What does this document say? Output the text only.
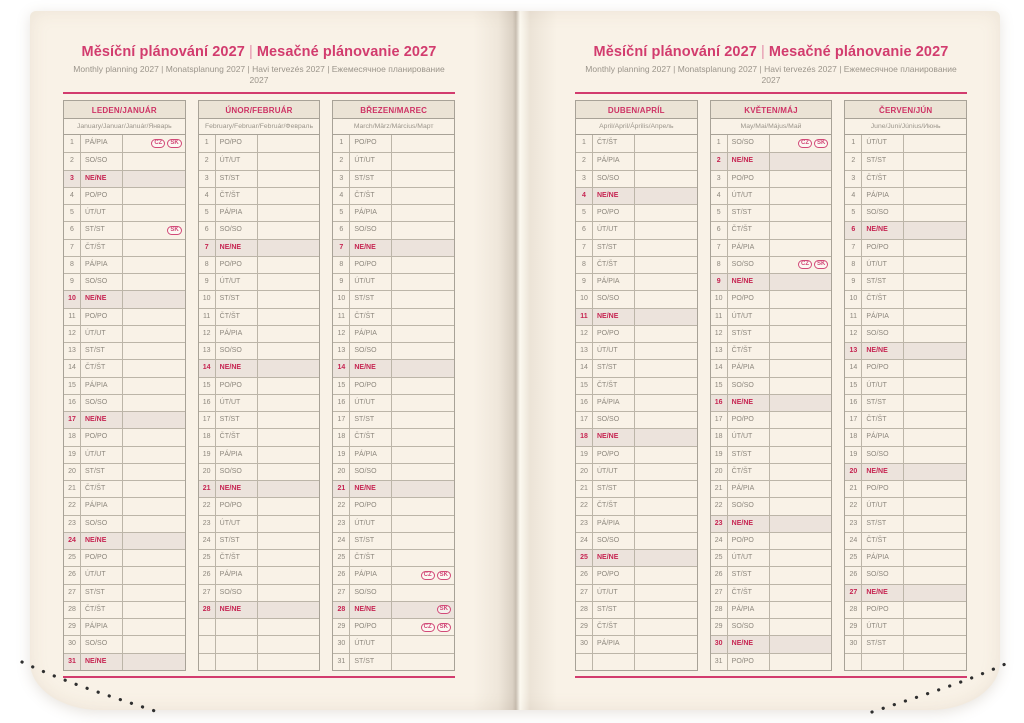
Měsíční plánování 2027 | Mesačné plánovanie 2027
Monthly planning 2027 | Monatsplanung 2027 | Havi tervezés 2027 | Ежемесячное планирование 2027
LEDEN/JANUÁR
January/Januar/Január/Январь
1	PÁ/PIA	CZ	SK
2	SO/SO
3	NE/NE
4	PO/PO
5	ÚT/UT
6	ST/ST	SK
7	ČT/ŠT
8	PÁ/PIA
9	SO/SO
10	NE/NE
11	PO/PO
12	ÚT/UT
13	ST/ST
14	ČT/ŠT
15	PÁ/PIA
16	SO/SO
17	NE/NE
18	PO/PO
19	ÚT/UT
20	ST/ST
21	ČT/ŠT
22	PÁ/PIA
23	SO/SO
24	NE/NE
25	PO/PO
26	ÚT/UT
27	ST/ST
28	ČT/ŠT
29	PÁ/PIA
30	SO/SO
31	NE/NE
ÚNOR/FEBRUÁR
February/Februar/Február/Февраль
1	PO/PO
2	ÚT/UT
3	ST/ST
4	ČT/ŠT
5	PÁ/PIA
6	SO/SO
7	NE/NE
8	PO/PO
9	ÚT/UT
10	ST/ST
11	ČT/ŠT
12	PÁ/PIA
13	SO/SO
14	NE/NE
15	PO/PO
16	ÚT/UT
17	ST/ST
18	ČT/ŠT
19	PÁ/PIA
20	SO/SO
21	NE/NE
22	PO/PO
23	ÚT/UT
24	ST/ST
25	ČT/ŠT
26	PÁ/PIA
27	SO/SO
28	NE/NE
BŘEZEN/MAREC
March/März/Március/Март
1	PO/PO
2	ÚT/UT
3	ST/ST
4	ČT/ŠT
5	PÁ/PIA
6	SO/SO
7	NE/NE
8	PO/PO
9	ÚT/UT
10	ST/ST
11	ČT/ŠT
12	PÁ/PIA
13	SO/SO
14	NE/NE
15	PO/PO
16	ÚT/UT
17	ST/ST
18	ČT/ŠT
19	PÁ/PIA
20	SO/SO
21	NE/NE
22	PO/PO
23	ÚT/UT
24	ST/ST
25	ČT/ŠT
26	PÁ/PIA	CZ	SK
27	SO/SO
28	NE/NE	SK
29	PO/PO	CZ	SK
30	ÚT/UT
31	ST/ST
Měsíční plánování 2027 | Mesačné plánovanie 2027
Monthly planning 2027 | Monatsplanung 2027 | Havi tervezés 2027 | Ежемесячное планирование 2027
DUBEN/APRÍL
April/April/Április/Апрель
1	ČT/ŠT
2	PÁ/PIA
3	SO/SO
4	NE/NE
5	PO/PO
6	ÚT/UT
7	ST/ST
8	ČT/ŠT
9	PÁ/PIA
10	SO/SO
11	NE/NE
12	PO/PO
13	ÚT/UT
14	ST/ST
15	ČT/ŠT
16	PÁ/PIA
17	SO/SO
18	NE/NE
19	PO/PO
20	ÚT/UT
21	ST/ST
22	ČT/ŠT
23	PÁ/PIA
24	SO/SO
25	NE/NE
26	PO/PO
27	ÚT/UT
28	ST/ST
29	ČT/ŠT
30	PÁ/PIA
KVĚTEN/MÁJ
May/Mai/Május/Май
1	SO/SO	CZ	SK
2	NE/NE
3	PO/PO
4	ÚT/UT
5	ST/ST
6	ČT/ŠT
7	PÁ/PIA
8	SO/SO	CZ	SK
9	NE/NE
10	PO/PO
11	ÚT/UT
12	ST/ST
13	ČT/ŠT
14	PÁ/PIA
15	SO/SO
16	NE/NE
17	PO/PO
18	ÚT/UT
19	ST/ST
20	ČT/ŠT
21	PÁ/PIA
22	SO/SO
23	NE/NE
24	PO/PO
25	ÚT/UT
26	ST/ST
27	ČT/ŠT
28	PÁ/PIA
29	SO/SO
30	NE/NE
31	PO/PO
ČERVEN/JÚN
June/Juni/Június/Июнь
1	ÚT/UT
2	ST/ST
3	ČT/ŠT
4	PÁ/PIA
5	SO/SO
6	NE/NE
7	PO/PO
8	ÚT/UT
9	ST/ST
10	ČT/ŠT
11	PÁ/PIA
12	SO/SO
13	NE/NE
14	PO/PO
15	ÚT/UT
16	ST/ST
17	ČT/ŠT
18	PÁ/PIA
19	SO/SO
20	NE/NE
21	PO/PO
22	ÚT/UT
23	ST/ST
24	ČT/ŠT
25	PÁ/PIA
26	SO/SO
27	NE/NE
28	PO/PO
29	ÚT/UT
30	ST/ST
